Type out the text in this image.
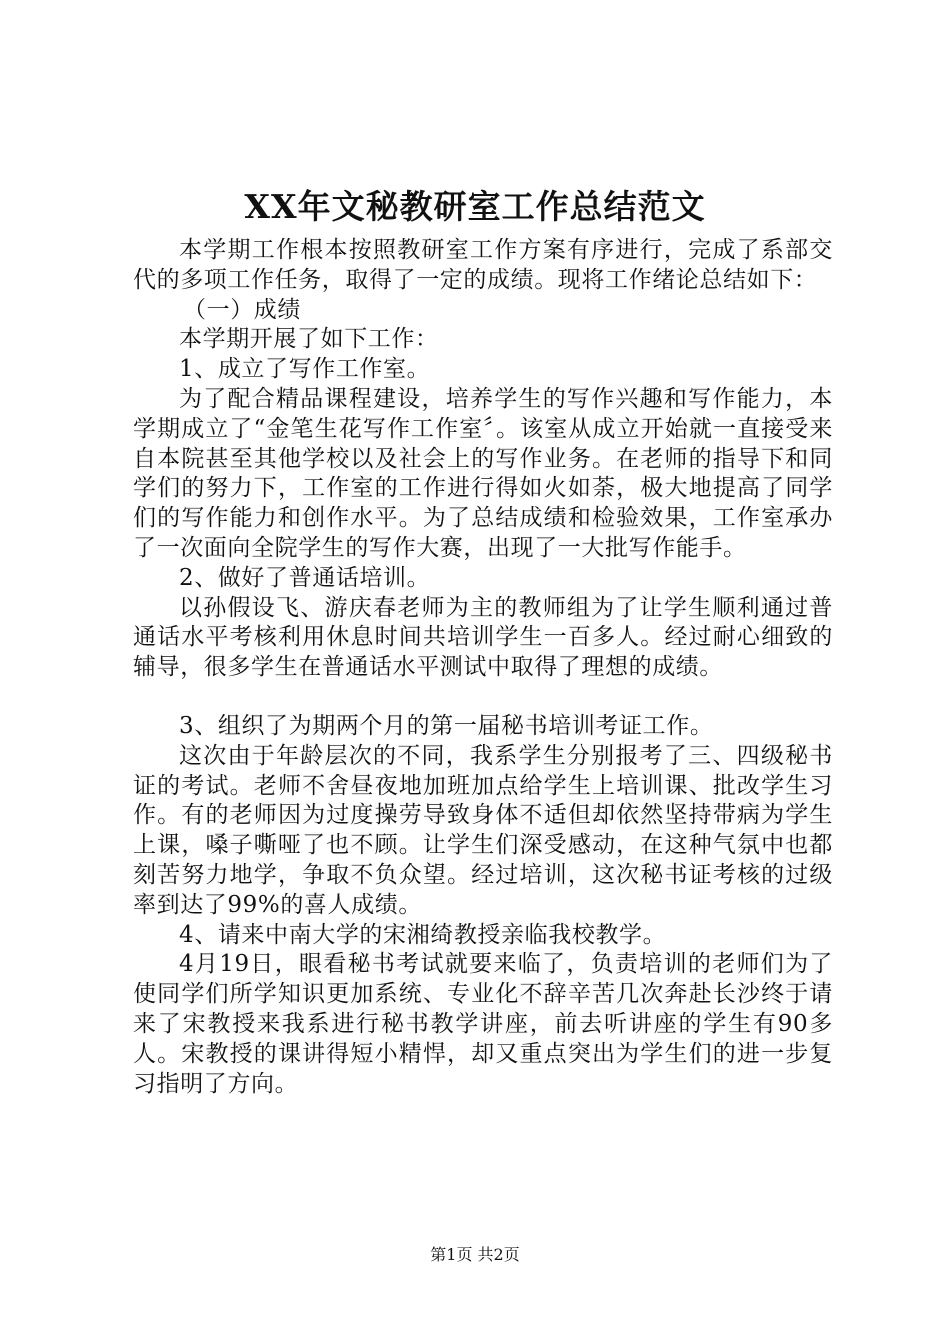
XX年文秘教研室工作总结范文

本学期工作根本按照教研室工作方案有序进行，完成了系部交代的多项工作任务，取得了一定的成绩。现将工作绪论总结如下：

（一）成绩

本学期开展了如下工作：

1、成立了写作工作室。

为了配合精品课程建设，培养学生的写作兴趣和写作能力，本学期成立了“金笔生花写作工作室〞。该室从成立开始就一直接受来自本院甚至其他学校以及社会上的写作业务。在老师的指导下和同学们的努力下，工作室的工作进行得如火如荼，极大地提高了同学们的写作能力和创作水平。为了总结成绩和检验效果，工作室承办了一次面向全院学生的写作大赛，出现了一大批写作能手。

2、做好了普通话培训。

以孙假设飞、游庆春老师为主的教师组为了让学生顺利通过普通话水平考核利用休息时间共培训学生一百多人。经过耐心细致的辅导，很多学生在普通话水平测试中取得了理想的成绩。

3、组织了为期两个月的第一届秘书培训考证工作。

这次由于年龄层次的不同，我系学生分别报考了三、四级秘书证的考试。老师不舍昼夜地加班加点给学生上培训课、批改学生习作。有的老师因为过度操劳导致身体不适但却依然坚持带病为学生上课，嗓子嘶哑了也不顾。让学生们深受感动，在这种气氛中也都刻苦努力地学，争取不负众望。经过培训，这次秘书证考核的过级率到达了99%的喜人成绩。

4、请来中南大学的宋湘绮教授亲临我校教学。

4月19日，眼看秘书考试就要来临了，负责培训的老师们为了使同学们所学知识更加系统、专业化不辞辛苦几次奔赴长沙终于请来了宋教授来我系进行秘书教学讲座，前去听讲座的学生有90多人。宋教授的课讲得短小精悍，却又重点突出为学生们的进一步复习指明了方向。

第1页 共2页
